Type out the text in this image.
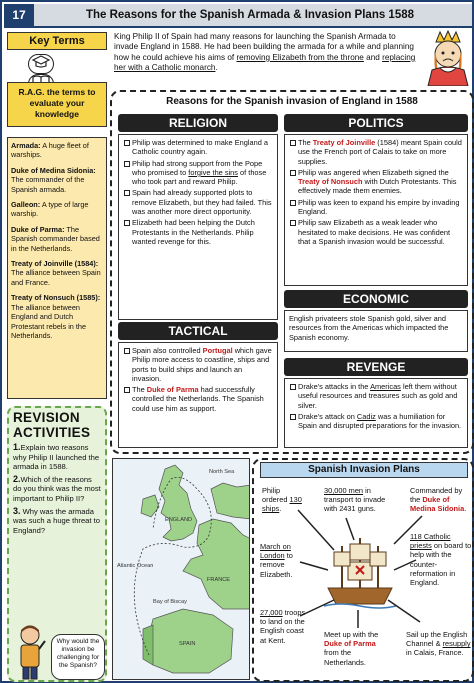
17	The Reasons for the Spanish Armada & Invasion Plans 1588
Key Terms

R.A.G. the terms to evaluate your knowledge

Armada: A huge fleet of warships.

Duke of Medina Sidonia: The commander of the Spanish armada.

Galleon: A type of large warship.

Duke of Parma: The Spanish commander based in the Netherlands.

Treaty of Joinville (1584): The alliance between Spain and France.

Treaty of Nonsuch (1585): The alliance between England and Dutch Protestant rebels in the Netherlands.

REVISION
ACTIVITIES
1.Explain two reasons why Philip II launched the armada in 1588.
2.Which of the reasons do you think was the most important to Philip II?
3. Why was the armada was such a huge threat to England?
Why would the invasion be challenging for the Spanish?
King Philip II of Spain had many reasons for launching the Spanish Armada to invade England in 1588. He had been building the armada for a while and planning how he could achieve his aims of removing Elizabeth from the throne and replacing her with a Catholic monarch.
Reasons for the Spanish invasion of England in 1588
RELIGION
Philip was determined to make England a Catholic country again.
Philip had strong support from the Pope who promised to forgive the sins of those who took part and reward Philip.
Spain had already supported plots to remove Elizabeth, but they had failed. This was another more direct opportunity.
Elizabeth had been helping the Dutch Protestants in the Netherlands. Philip wanted revenge for this.
POLITICS
The Treaty of Joinville (1584) meant Spain could use the French port of Calais to take on more supplies.
Philip was angered when Elizabeth signed the Treaty of Nonsuch with Dutch Protestants. This effectively made them enemies.
Philip was keen to expand his empire by invading England.
Philip saw Elizabeth as a weak leader who hesitated to make decisions. He was confident that a Spanish invasion would be successful.
ECONOMIC
English privateers stole Spanish gold, silver and resources from the Americas which impacted the Spanish economy.
TACTICAL
Spain also controlled Portugal which gave Philip more access to coastline, ships and ports to build ships and launch an invasion.
The Duke of Parma had successfully controlled the Netherlands. The Spanish could use him as support.
REVENGE
Drake's attacks in the Americas left them without useful resources and treasures such as gold and silver.
Drake's attack on Cadiz was a humiliation for Spain and disrupted preparations for the invasion.
ENGLAND
FRANCE
SPAIN
Atlantic Ocean
North Sea
Bay of Biscay
Spanish Invasion Plans
Philip ordered 130 ships.
30,000 men in transport to invade with 2431 guns.
Commanded by the Duke of Medina Sidonia.
March on London to remove Elizabeth.
118 Catholic priests on board to help with the counter-reformation in England.
27,000 troops to land on the English coast at Kent.
Meet up with the Duke of Parma from the Netherlands.
Sail up the English Channel & resupply in Calais, France.
